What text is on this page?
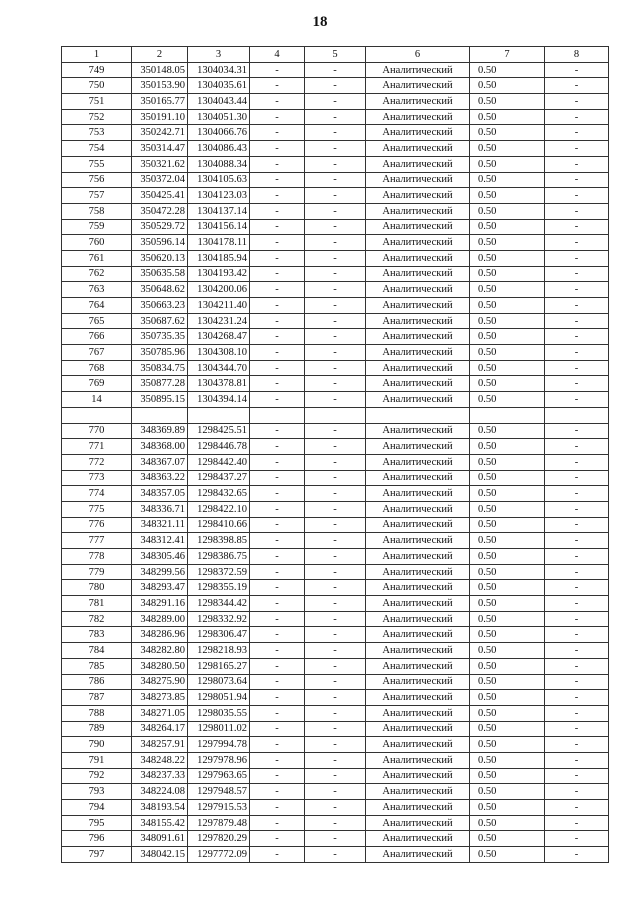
18
1	2	3	4	5	6	7	8
749	350148.05	1304034.31	-	-	Аналитический	0.50	-
750	350153.90	1304035.61	-	-	Аналитический	0.50	-
751	350165.77	1304043.44	-	-	Аналитический	0.50	-
752	350191.10	1304051.30	-	-	Аналитический	0.50	-
753	350242.71	1304066.76	-	-	Аналитический	0.50	-
754	350314.47	1304086.43	-	-	Аналитический	0.50	-
755	350321.62	1304088.34	-	-	Аналитический	0.50	-
756	350372.04	1304105.63	-	-	Аналитический	0.50	-
757	350425.41	1304123.03	-	-	Аналитический	0.50	-
758	350472.28	1304137.14	-	-	Аналитический	0.50	-
759	350529.72	1304156.14	-	-	Аналитический	0.50	-
760	350596.14	1304178.11	-	-	Аналитический	0.50	-
761	350620.13	1304185.94	-	-	Аналитический	0.50	-
762	350635.58	1304193.42	-	-	Аналитический	0.50	-
763	350648.62	1304200.06	-	-	Аналитический	0.50	-
764	350663.23	1304211.40	-	-	Аналитический	0.50	-
765	350687.62	1304231.24	-	-	Аналитический	0.50	-
766	350735.35	1304268.47	-	-	Аналитический	0.50	-
767	350785.96	1304308.10	-	-	Аналитический	0.50	-
768	350834.75	1304344.70	-	-	Аналитический	0.50	-
769	350877.28	1304378.81	-	-	Аналитический	0.50	-
14	350895.15	1304394.14	-	-	Аналитический	0.50	-

770	348369.89	1298425.51	-	-	Аналитический	0.50	-
771	348368.00	1298446.78	-	-	Аналитический	0.50	-
772	348367.07	1298442.40	-	-	Аналитический	0.50	-
773	348363.22	1298437.27	-	-	Аналитический	0.50	-
774	348357.05	1298432.65	-	-	Аналитический	0.50	-
775	348336.71	1298422.10	-	-	Аналитический	0.50	-
776	348321.11	1298410.66	-	-	Аналитический	0.50	-
777	348312.41	1298398.85	-	-	Аналитический	0.50	-
778	348305.46	1298386.75	-	-	Аналитический	0.50	-
779	348299.56	1298372.59	-	-	Аналитический	0.50	-
780	348293.47	1298355.19	-	-	Аналитический	0.50	-
781	348291.16	1298344.42	-	-	Аналитический	0.50	-
782	348289.00	1298332.92	-	-	Аналитический	0.50	-
783	348286.96	1298306.47	-	-	Аналитический	0.50	-
784	348282.80	1298218.93	-	-	Аналитический	0.50	-
785	348280.50	1298165.27	-	-	Аналитический	0.50	-
786	348275.90	1298073.64	-	-	Аналитический	0.50	-
787	348273.85	1298051.94	-	-	Аналитический	0.50	-
788	348271.05	1298035.55	-	-	Аналитический	0.50	-
789	348264.17	1298011.02	-	-	Аналитический	0.50	-
790	348257.91	1297994.78	-	-	Аналитический	0.50	-
791	348248.22	1297978.96	-	-	Аналитический	0.50	-
792	348237.33	1297963.65	-	-	Аналитический	0.50	-
793	348224.08	1297948.57	-	-	Аналитический	0.50	-
794	348193.54	1297915.53	-	-	Аналитический	0.50	-
795	348155.42	1297879.48	-	-	Аналитический	0.50	-
796	348091.61	1297820.29	-	-	Аналитический	0.50	-
797	348042.15	1297772.09	-	-	Аналитический	0.50	-
